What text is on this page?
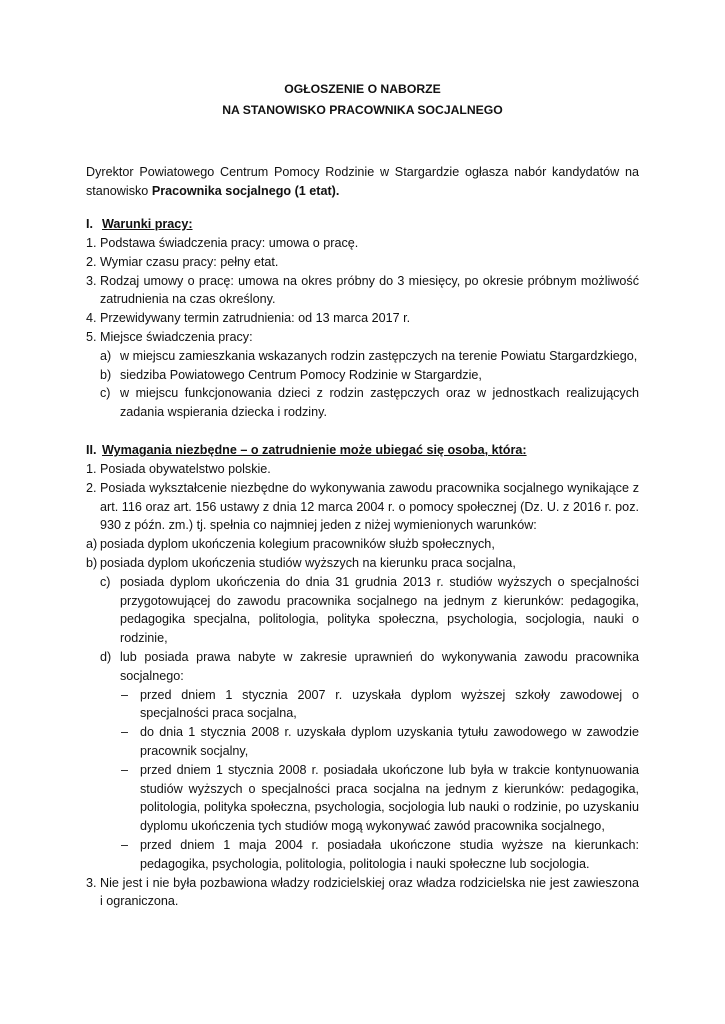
OGŁOSZENIE O NABORZE
NA STANOWISKO PRACOWNIKA SOCJALNEGO

Dyrektor Powiatowego Centrum Pomocy Rodzinie w Stargardzie ogłasza nabór kandydatów na stanowisko Pracownika socjalnego (1 etat).

I. Warunki pracy:
1. Podstawa świadczenia pracy: umowa o pracę.
2. Wymiar czasu pracy: pełny etat.
3. Rodzaj umowy o pracę: umowa na okres próbny do 3 miesięcy, po okresie próbnym możliwość zatrudnienia na czas określony.
4. Przewidywany termin zatrudnienia: od 13 marca 2017 r.
5. Miejsce świadczenia pracy:
a) w miejscu zamieszkania wskazanych rodzin zastępczych na terenie Powiatu Stargardzkiego,
b) siedziba Powiatowego Centrum Pomocy Rodzinie w Stargardzie,
c) w miejscu funkcjonowania dzieci z rodzin zastępczych oraz w jednostkach realizujących zadania wspierania dziecka i rodziny.
II. Wymagania niezbędne – o zatrudnienie może ubiegać się osoba, która:
1. Posiada obywatelstwo polskie.
2. Posiada wykształcenie niezbędne do wykonywania zawodu pracownika socjalnego wynikające z art. 116 oraz art. 156 ustawy z dnia 12 marca 2004 r. o pomocy społecznej (Dz. U. z 2016 r. poz. 930 z późn. zm.) tj. spełnia co najmniej jeden z niżej wymienionych warunków:
a) posiada dyplom ukończenia kolegium pracowników służb społecznych,
b) posiada dyplom ukończenia studiów wyższych na kierunku praca socjalna,
c) posiada dyplom ukończenia do dnia 31 grudnia 2013 r. studiów wyższych o specjalności przygotowującej do zawodu pracownika socjalnego na jednym z kierunków: pedagogika, pedagogika specjalna, politologia, polityka społeczna, psychologia, socjologia, nauki o rodzinie,
d) lub posiada prawa nabyte w zakresie uprawnień do wykonywania zawodu pracownika socjalnego:
– przed dniem 1 stycznia 2007 r. uzyskała dyplom wyższej szkoły zawodowej o specjalności praca socjalna,
– do dnia 1 stycznia 2008 r. uzyskała dyplom uzyskania tytułu zawodowego w zawodzie pracownik socjalny,
– przed dniem 1 stycznia 2008 r. posiadała ukończone lub była w trakcie kontynuowania studiów wyższych o specjalności praca socjalna na jednym z kierunków: pedagogika, politologia, polityka społeczna, psychologia, socjologia lub nauki o rodzinie, po uzyskaniu dyplomu ukończenia tych studiów mogą wykonywać zawód pracownika socjalnego,
– przed dniem 1 maja 2004 r. posiadała ukończone studia wyższe na kierunkach: pedagogika, psychologia, politologia, politologia i nauki społeczne lub socjologia.
3. Nie jest i nie była pozbawiona władzy rodzicielskiej oraz władza rodzicielska nie jest zawieszona i ograniczona.
